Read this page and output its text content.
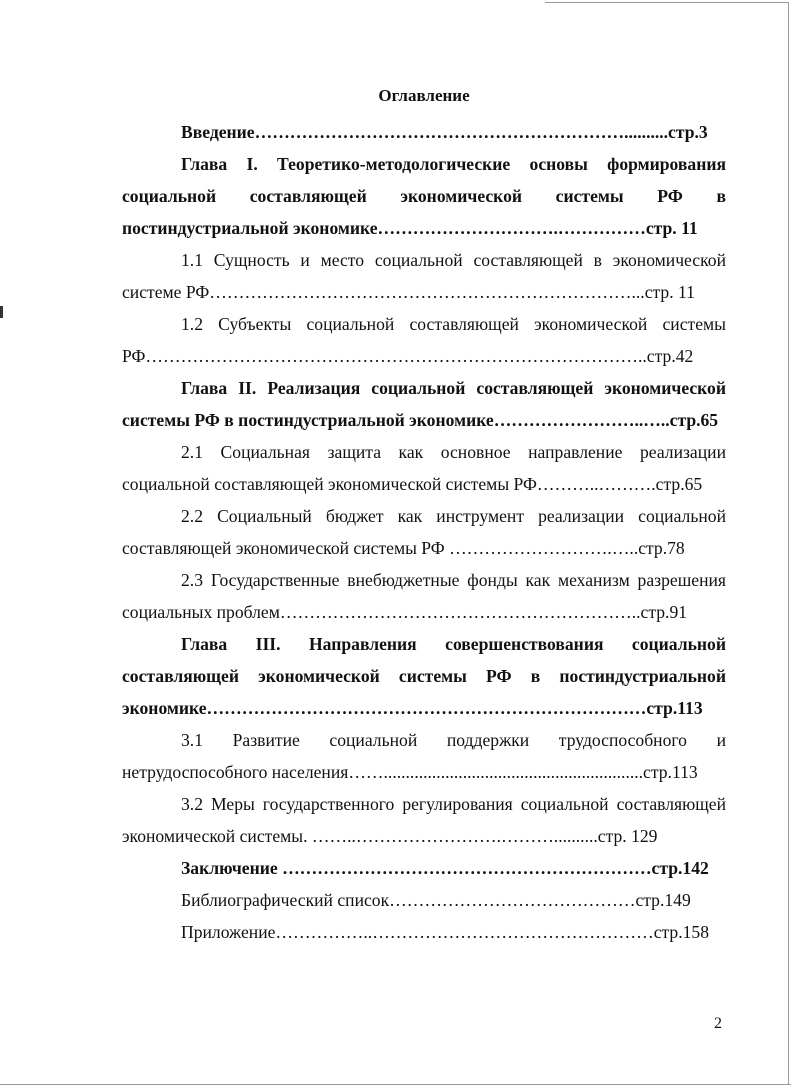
Оглавление

Введение………………………………………………………..........стр.3

Глава I. Теоретико-методологические основы формирования социальной составляющей экономической системы РФ в постиндустриальной экономике………………………….……………стр. 11

1.1 Сущность и место социальной составляющей в экономической системе РФ………………………………………………………………...стр. 11

1.2 Субъекты социальной составляющей экономической системы РФ…………………………………………………………………………..стр.42

Глава II. Реализация социальной составляющей экономической системы РФ в постиндустриальной экономике……………………..…..стр.65

2.1 Социальная защита как основное направление реализации социальной составляющей экономической системы РФ………..……….стр.65

2.2 Социальный бюджет как инструмент реализации социальной составляющей экономической системы РФ ……………………….…..стр.78

2.3 Государственные внебюджетные фонды как механизм разрешения социальных проблем……………………………………………………..стр.91

Глава III. Направления совершенствования социальной составляющей экономической системы РФ в постиндустриальной экономике…………………………………………………………………стр.113

3.1 Развитие социальной поддержки трудоспособного и нетрудоспособного населения……...........................................................стр.113

3.2 Меры государственного регулирования социальной составляющей экономической системы. ……..…………………….………..........стр. 129

Заключение ………………………………………………………стр.142

Библиографический список……………………………………стр.149

Приложение……………..…………………………………………стр.158

2
